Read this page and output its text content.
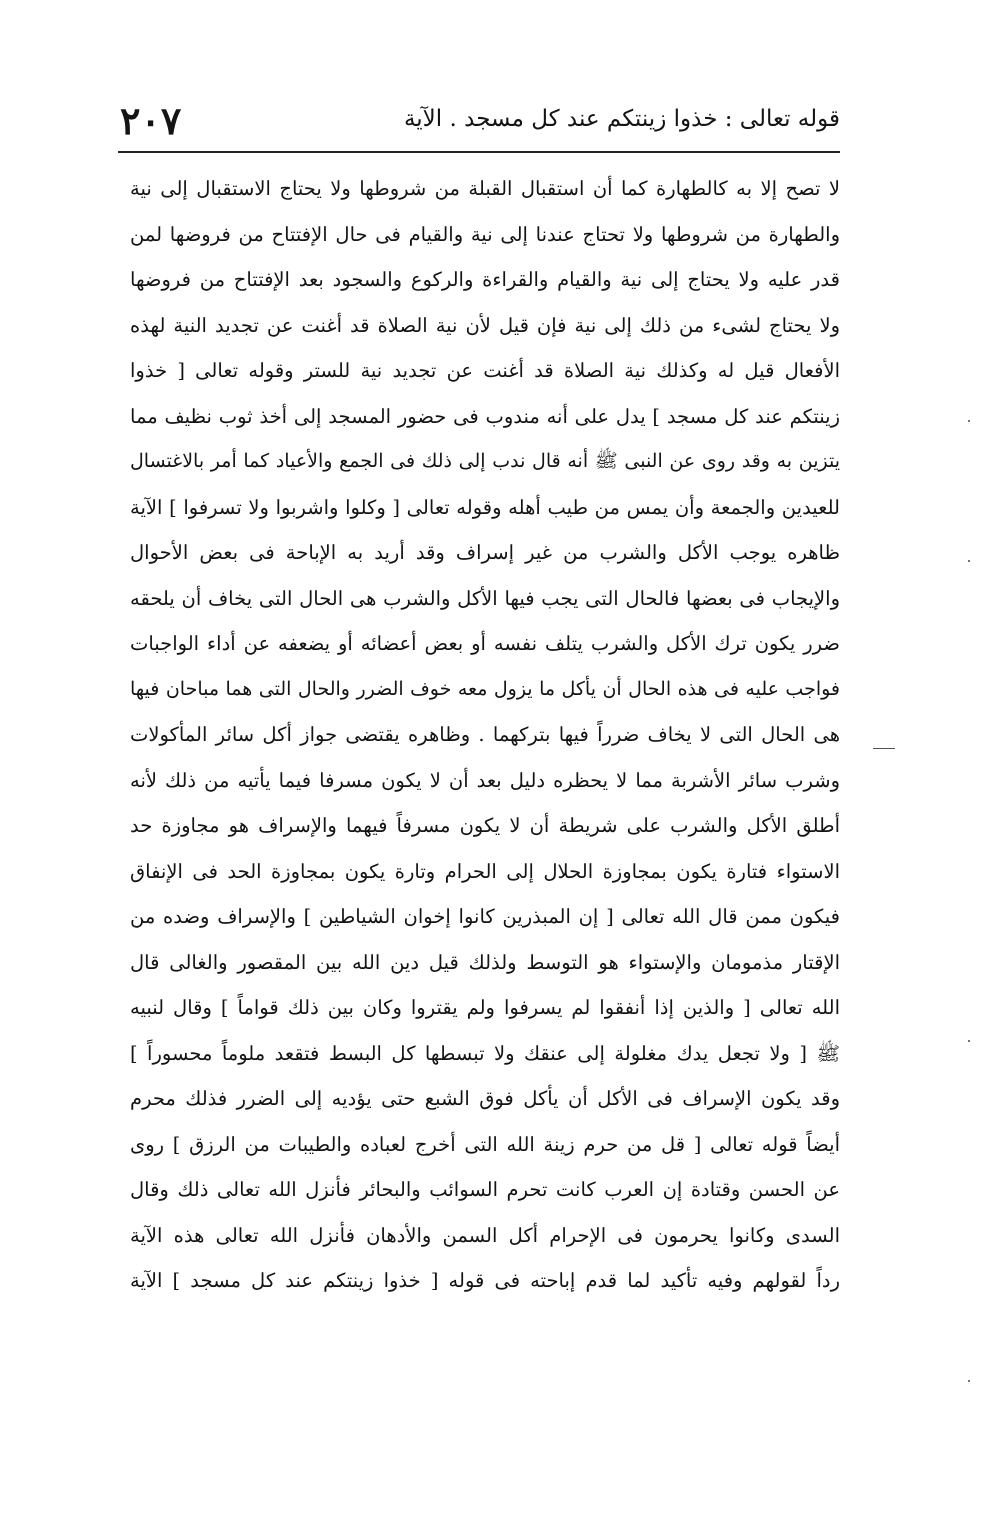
قوله تعالى : خذوا زينتكم عند كل مسجد . الآية
٢٠٧
لا تصح إلا به كالطهارة كما أن استقبال القبلة من شروطها ولا يحتاج الاستقبال إلى نية
والطهارة من شروطها ولا تحتاج عندنا إلى نية والقيام فى حال الإفتتاح من فروضها لمن
قدر عليه ولا يحتاج إلى نية والقيام والقراءة والركوع والسجود بعد الإفتتاح من فروضها
ولا يحتاج لشىء من ذلك إلى نية فإن قيل لأن نية الصلاة قد أغنت عن تجديد النية لهذه
الأفعال قيل له وكذلك نية الصلاة قد أغنت عن تجديد نية للستر وقوله تعالى [ خذوا
زينتكم عند كل مسجد ] يدل على أنه مندوب فى حضور المسجد إلى أخذ ثوب نظيف مما
يتزين به وقد روى عن النبى ﷺ أنه قال ندب إلى ذلك فى الجمع والأعياد كما أمر بالاغتسال
للعيدين والجمعة وأن يمس من طيب أهله وقوله تعالى [ وكلوا واشربوا ولا تسرفوا ] الآية
ظاهره يوجب الأكل والشرب من غير إسراف وقد أريد به الإباحة فى بعض الأحوال
والإيجاب فى بعضها فالحال التى يجب فيها الأكل والشرب هى الحال التى يخاف أن يلحقه
ضرر يكون ترك الأكل والشرب يتلف نفسه أو بعض أعضائه أو يضعفه عن أداء الواجبات
فواجب عليه فى هذه الحال أن يأكل ما يزول معه خوف الضرر والحال التى هما مباحان فيها
هى الحال التى لا يخاف ضرراً فيها بتركهما . وظاهره يقتضى جواز أكل سائر المأكولات
وشرب سائر الأشربة مما لا يحظره دليل بعد أن لا يكون مسرفا فيما يأتيه من ذلك لأنه
أطلق الأكل والشرب على شريطة أن لا يكون مسرفاً فيهما والإسراف هو مجاوزة حد
الاستواء فتارة يكون بمجاوزة الحلال إلى الحرام وتارة يكون بمجاوزة الحد فى الإنفاق
فيكون ممن قال الله تعالى [ إن المبذرين كانوا إخوان الشياطين ] والإسراف وضده من
الإقتار مذمومان والإستواء هو التوسط ولذلك قيل دين الله بين المقصور والغالى قال
الله تعالى [ والذين إذا أنفقوا لم يسرفوا ولم يقتروا وكان بين ذلك قواماً ] وقال لنبيه
ﷺ [ ولا تجعل يدك مغلولة إلى عنقك ولا تبسطها كل البسط فتقعد ملوماً محسوراً ]
وقد يكون الإسراف فى الأكل أن يأكل فوق الشبع حتى يؤديه إلى الضرر فذلك محرم
أيضاً قوله تعالى [ قل من حرم زينة الله التى أخرج لعباده والطيبات من الرزق ] روى
عن الحسن وقتادة إن العرب كانت تحرم السوائب والبحائر فأنزل الله تعالى ذلك وقال
السدى وكانوا يحرمون فى الإحرام أكل السمن والأدهان فأنزل الله تعالى هذه الآية
رداً لقولهم وفيه تأكيد لما قدم إباحته فى قوله [ خذوا زينتكم عند كل مسجد ] الآية
